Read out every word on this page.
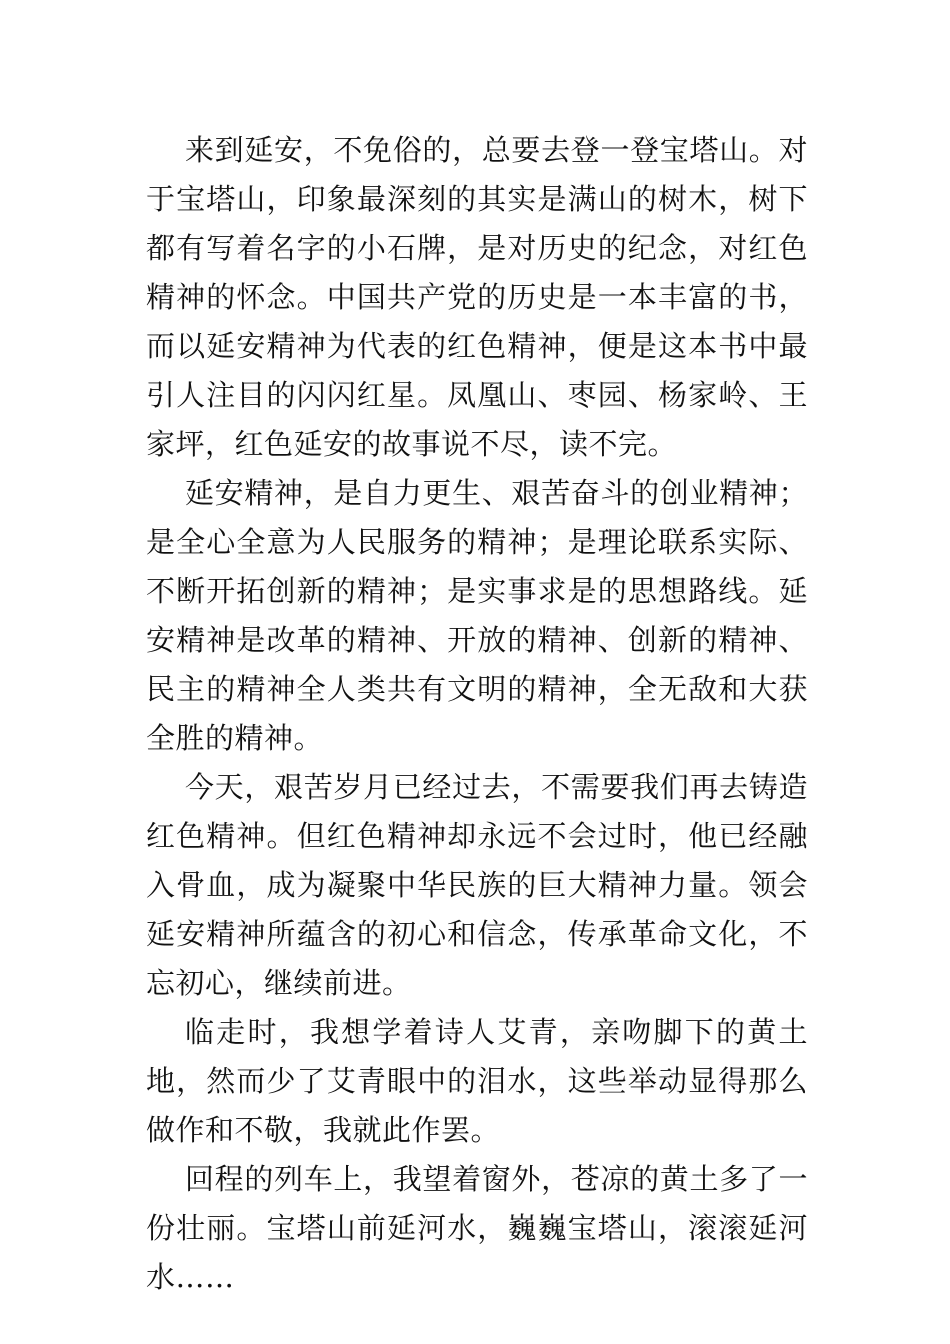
来到延安，不免俗的，总要去登一登宝塔山。对于宝塔山，印象最深刻的其实是满山的树木，树下都有写着名字的小石牌，是对历史的纪念，对红色精神的怀念。中国共产党的历史是一本丰富的书，而以延安精神为代表的红色精神，便是这本书中最引人注目的闪闪红星。凤凰山、枣园、杨家岭、王家坪，红色延安的故事说不尽，读不完。

延安精神，是自力更生、艰苦奋斗的创业精神；是全心全意为人民服务的精神；是理论联系实际、不断开拓创新的精神；是实事求是的思想路线。延安精神是改革的精神、开放的精神、创新的精神、民主的精神全人类共有文明的精神，全无敌和大获全胜的精神。

今天，艰苦岁月已经过去，不需要我们再去铸造红色精神。但红色精神却永远不会过时，他已经融入骨血，成为凝聚中华民族的巨大精神力量。领会延安精神所蕴含的初心和信念，传承革命文化，不忘初心，继续前进。

临走时，我想学着诗人艾青，亲吻脚下的黄土地，然而少了艾青眼中的泪水，这些举动显得那么做作和不敬，我就此作罢。

回程的列车上，我望着窗外，苍凉的黄土多了一份壮丽。宝塔山前延河水，巍巍宝塔山，滚滚延河水……
